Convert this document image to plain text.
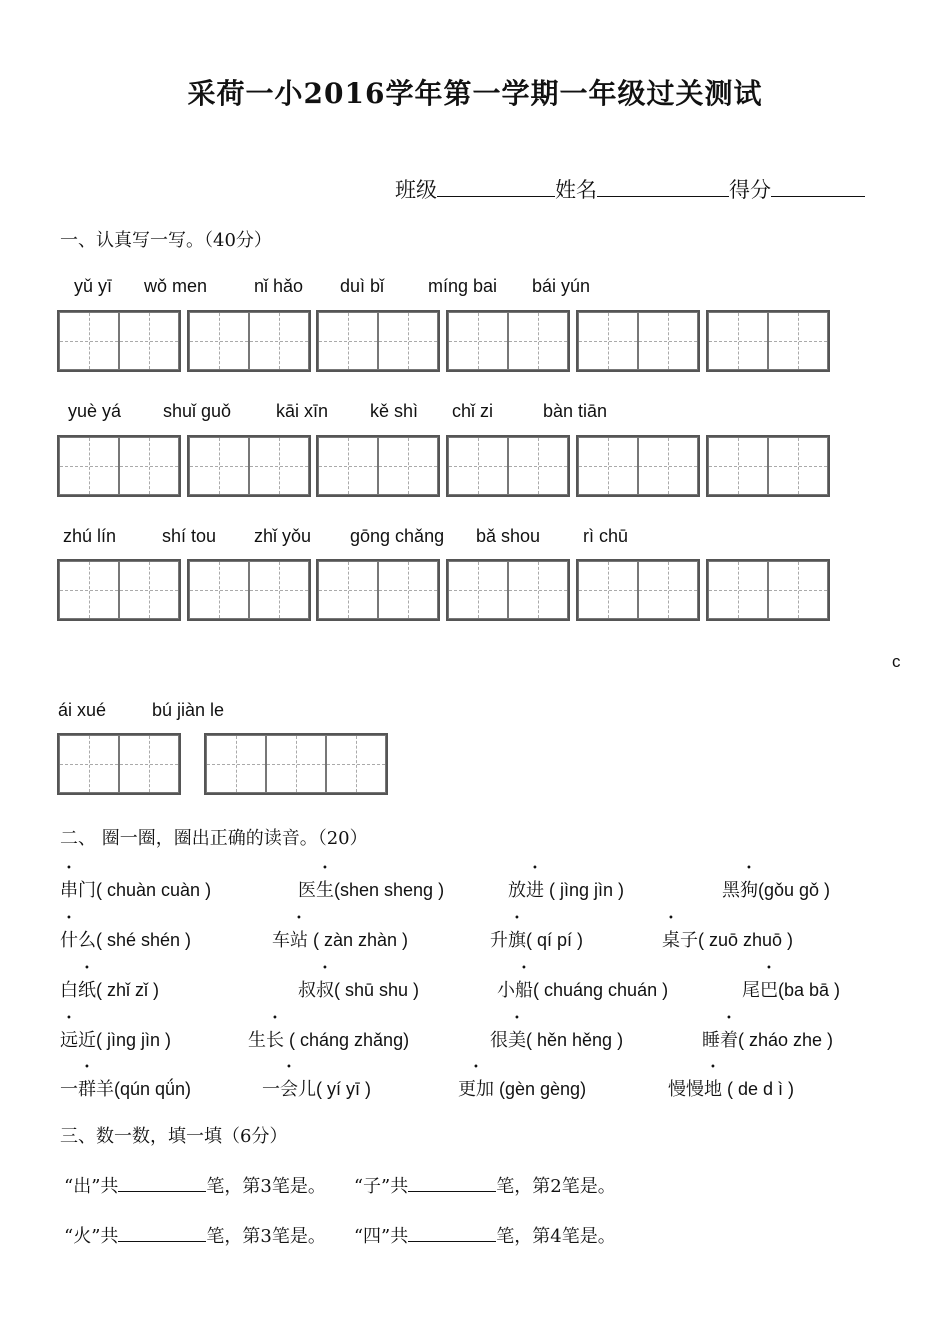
采荷一小2016学年第一学期一年级过关测试
班级	姓名	得分
一、认真写一写。（40分）
yǔ yī wǒ men	nǐ hǎo duì bǐ míng bai bái yún
yuè yá shuǐ guǒ kāi xīn kě shì chǐ zi	bàn tiān
zhú lín	shí tou zhǐ yǒu gōng chǎng bǎ shou rì chū
c
ái xué	bú jiàn le
二、 圈一圈，圈出正确的读音。（20）
串门( chuàn cuàn )	医生(shen sheng )	放进 ( jìng jìn )	黑狗(gǒu gǒ )
什么( shé shén )	车站 ( zàn zhàn )	升旗( qí pí )	桌子( zuō zhuō )
白纸( zhǐ zǐ )	叔叔( shū shu )	小船( chuáng chuán )	尾巴(ba bā )
远近( jìng jìn )	生长 ( cháng zhǎng)	很美( hěn hěng )	睡着( zháo zhe )
一群羊(qún qǘn)	一会儿( yí yī )	更加 (gèn gèng)	慢慢地 ( de d ì )
三、数一数，填一填（6分）
“出”共	笔，第3笔是。 “子”共	笔，第2笔是。
“火”共	笔，第3笔是。 “四”共	笔，第4笔是。
